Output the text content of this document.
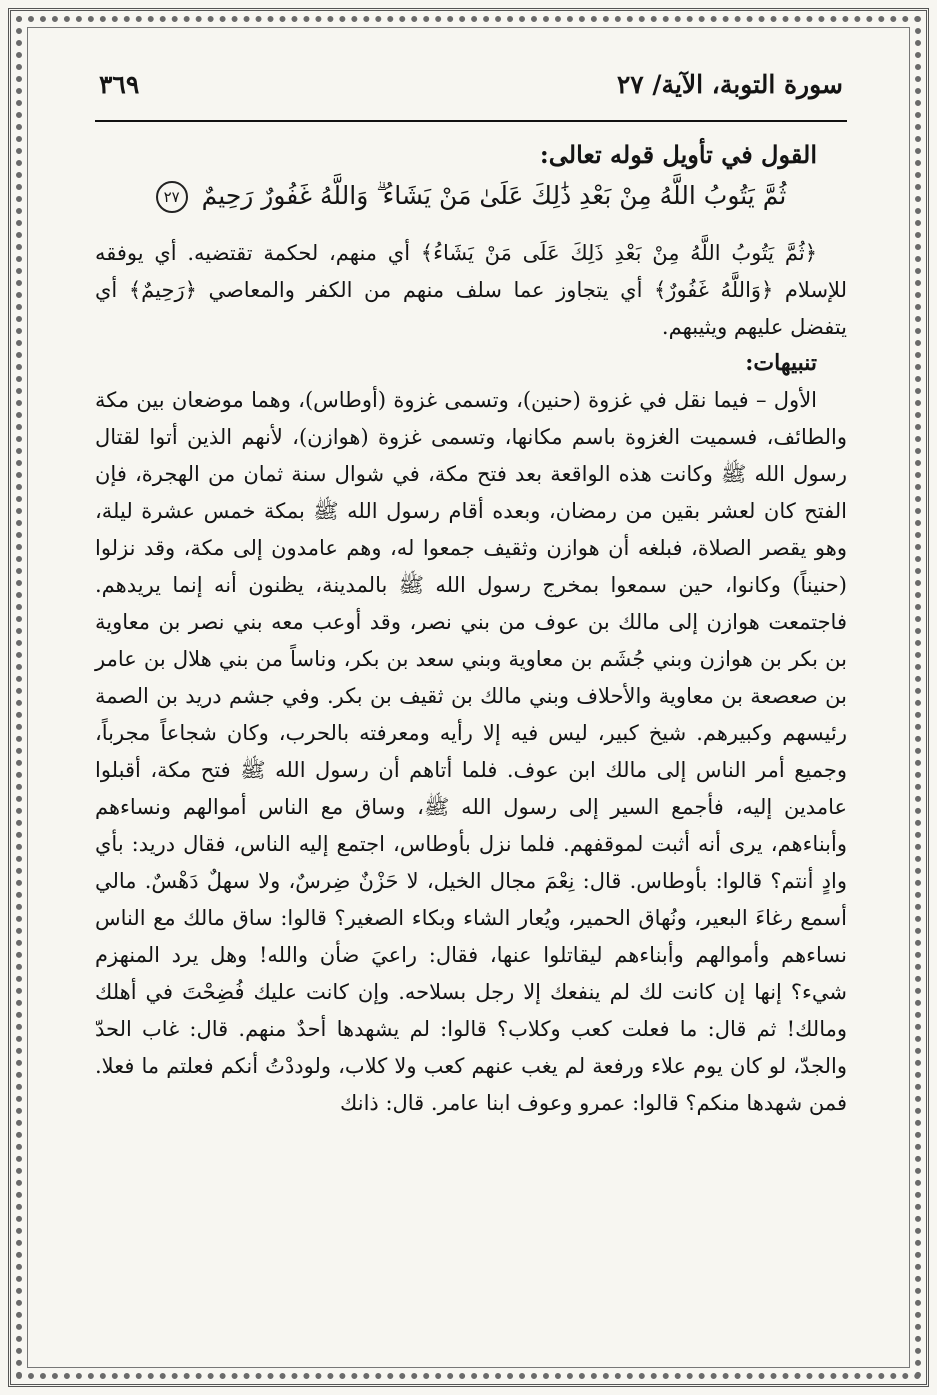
سورة التوبة، الآية/ ٢٧
٣٦٩
القول في تأويل قوله تعالى:
ثُمَّ يَتُوبُ اللَّهُ مِنْ بَعْدِ ذَٰلِكَ عَلَىٰ مَنْ يَشَاءُ ۗ وَاللَّهُ غَفُورٌ رَحِيمٌ ٢٧

﴿ثُمَّ يَتُوبُ اللَّهُ مِنْ بَعْدِ ذَلِكَ عَلَى مَنْ يَشَاءُ﴾ أي منهم، لحكمة تقتضيه. أي يوفقه للإسلام ﴿وَاللَّهُ غَفُورٌ﴾ أي يتجاوز عما سلف منهم من الكفر والمعاصي ﴿رَحِيمٌ﴾ أي يتفضل عليهم ويثيبهم.

تنبيهات:

الأول – فيما نقل في غزوة (حنين)، وتسمى غزوة (أوطاس)، وهما موضعان بين مكة والطائف، فسميت الغزوة باسم مكانها، وتسمى غزوة (هوازن)، لأنهم الذين أتوا لقتال رسول الله ﷺ وكانت هذه الواقعة بعد فتح مكة، في شوال سنة ثمان من الهجرة، فإن الفتح كان لعشر بقين من رمضان، وبعده أقام رسول الله ﷺ بمكة خمس عشرة ليلة، وهو يقصر الصلاة، فبلغه أن هوازن وثقيف جمعوا له، وهم عامدون إلى مكة، وقد نزلوا (حنيناً) وكانوا، حين سمعوا بمخرج رسول الله ﷺ بالمدينة، يظنون أنه إنما يريدهم. فاجتمعت هوازن إلى مالك بن عوف من بني نصر، وقد أوعب معه بني نصر بن معاوية بن بكر بن هوازن وبني جُشَم بن معاوية وبني سعد بن بكر، وناساً من بني هلال بن عامر بن صعصعة بن معاوية والأحلاف وبني مالك بن ثقيف بن بكر. وفي جشم دريد بن الصمة رئيسهم وكبيرهم. شيخ كبير، ليس فيه إلا رأيه ومعرفته بالحرب، وكان شجاعاً مجرباً، وجميع أمر الناس إلى مالك ابن عوف. فلما أتاهم أن رسول الله ﷺ فتح مكة، أقبلوا عامدين إليه، فأجمع السير إلى رسول الله ﷺ، وساق مع الناس أموالهم ونساءهم وأبناءهم، يرى أنه أثبت لموقفهم. فلما نزل بأوطاس، اجتمع إليه الناس، فقال دريد: بأي وادٍ أنتم؟ قالوا: بأوطاس. قال: نِعْمَ مجال الخيل، لا حَزْنٌ ضِرسٌ، ولا سهلٌ دَهْسٌ. مالي أسمع رغاءَ البعير، ونُهاق الحمير، ويُعار الشاء وبكاء الصغير؟ قالوا: ساق مالك مع الناس نساءهم وأموالهم وأبناءهم ليقاتلوا عنها، فقال: راعيَ ضأن والله! وهل يرد المنهزم شيء؟ إنها إن كانت لك لم ينفعك إلا رجل بسلاحه. وإن كانت عليك فُضِحْتَ في أهلك ومالك! ثم قال: ما فعلت كعب وكلاب؟ قالوا: لم يشهدها أحدٌ منهم. قال: غاب الحدّ والجدّ، لو كان يوم علاء ورفعة لم يغب عنهم كعب ولا كلاب، ولوددْتُ أنكم فعلتم ما فعلا. فمن شهدها منكم؟ قالوا: عمرو وعوف ابنا عامر. قال: ذانك
